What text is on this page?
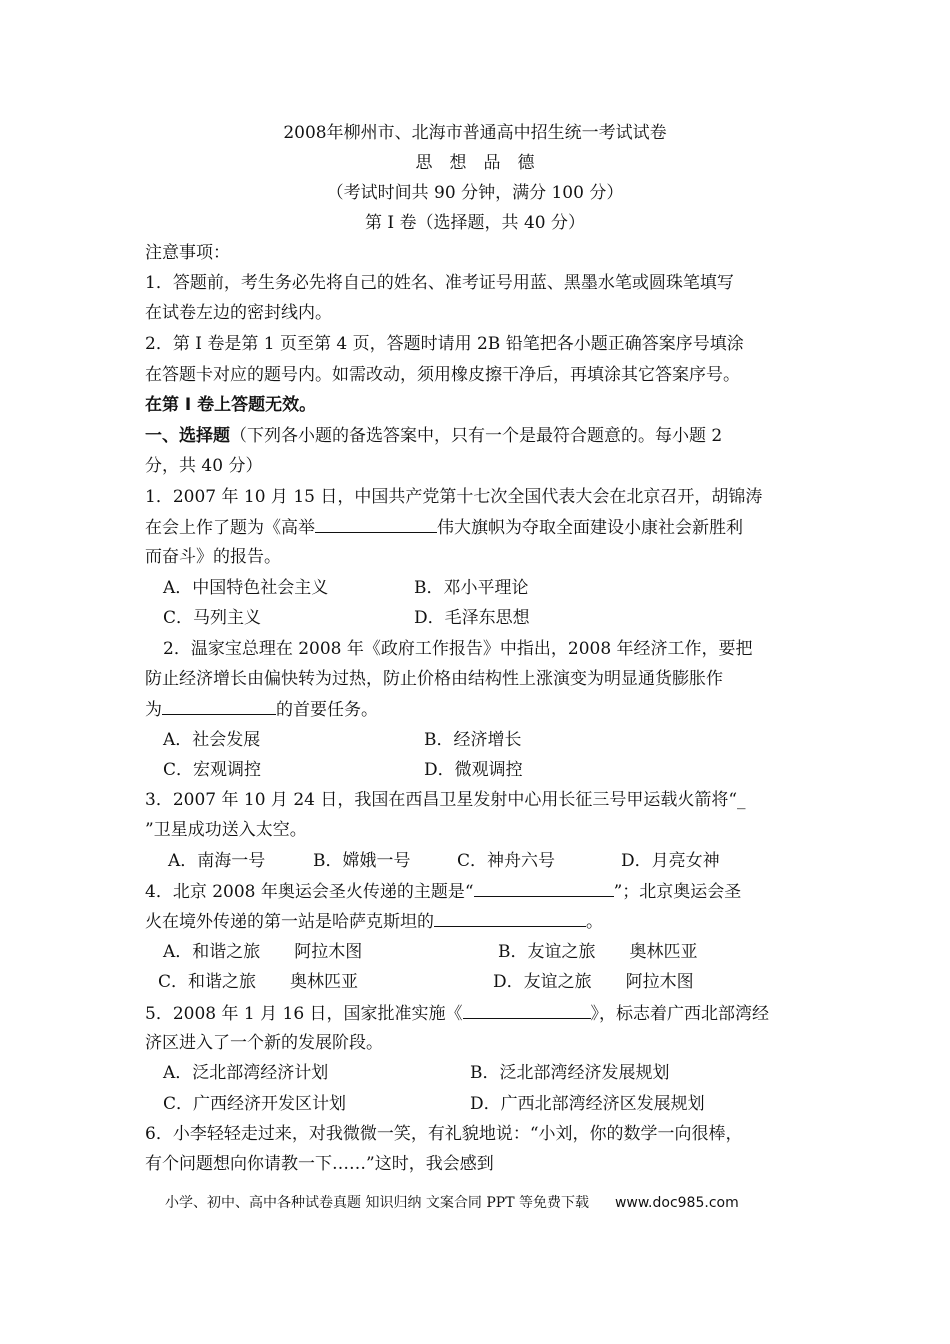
2008年柳州市、北海市普通高中招生统一考试试卷
思　想　品　德
（考试时间共 90 分钟，满分 100 分）
第 Ⅰ 卷（选择题，共 40 分）
注意事项：
1．答题前，考生务必先将自己的姓名、准考证号用蓝、黑墨水笔或圆珠笔填写
在试卷左边的密封线内。
2．第 Ⅰ 卷是第 1 页至第 4 页，答题时请用 2B 铅笔把各小题正确答案序号填涂
在答题卡对应的题号内。如需改动，须用橡皮擦干净后，再填涂其它答案序号。
在第 I 卷上答题无效。
一、选择题（下列各小题的备选答案中，只有一个是最符合题意的。每小题 2
分，共 40 分）
1．2007 年 10 月 15 日，中国共产党第十七次全国代表大会在北京召开，胡锦涛
在会上作了题为《高举	伟大旗帜为夺取全面建设小康社会新胜利
而奋斗》的报告。
A．中国特色社会主义	B．邓小平理论
C．马列主义	D．毛泽东思想
2．温家宝总理在 2008 年《政府工作报告》中指出，2008 年经济工作，要把
防止经济增长由偏快转为过热，防止价格由结构性上涨演变为明显通货膨胀作
为	的首要任务。
A．社会发展	B．经济增长
C．宏观调控	D．微观调控
3．2007 年 10 月 24 日，我国在西昌卫星发射中心用长征三号甲运载火箭将“_
”卫星成功送入太空。
A．南海一号	B．嫦娥一号	C．神舟六号	D．月亮女神
4．北京 2008 年奥运会圣火传递的主题是“	”；北京奥运会圣
火在境外传递的第一站是哈萨克斯坦的	。
A．和谐之旅　　阿拉木图	B．友谊之旅　　奥林匹亚
C．和谐之旅　　奥林匹亚	D．友谊之旅　　阿拉木图
5．2008 年 1 月 16 日，国家批准实施《	》，标志着广西北部湾经
济区进入了一个新的发展阶段。
A．泛北部湾经济计划	B．泛北部湾经济发展规划
C．广西经济开发区计划	D．广西北部湾经济区发展规划
6．小李轻轻走过来，对我微微一笑，有礼貌地说：“小刘，你的数学一向很棒，
有个问题想向你请教一下……”这时，我会感到
小学、初中、高中各种试卷真题 知识归纳 文案合同 PPT 等免费下载 www.doc985.com
